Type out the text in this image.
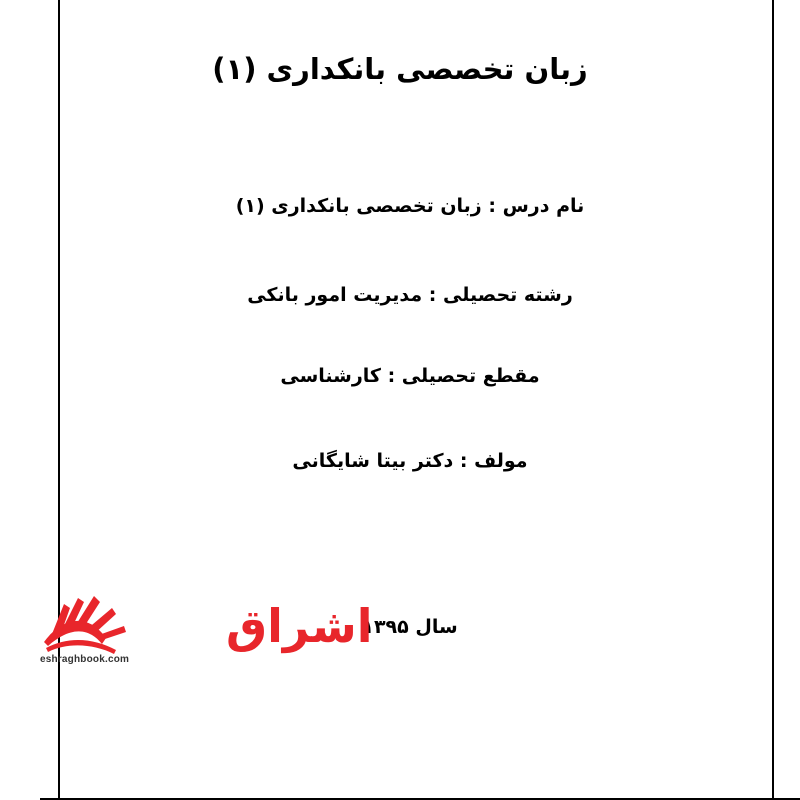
زبان تخصصی بانکداری (۱)
نام درس : زبان تخصصی بانکداری (۱)
رشته تحصیلی : مدیریت امور بانکی
مقطع تحصیلی : کارشناسی
مولف : دکتر بیتا شایگانی
سال ۱۳۹۵
اشراق
eshraghbook.com
